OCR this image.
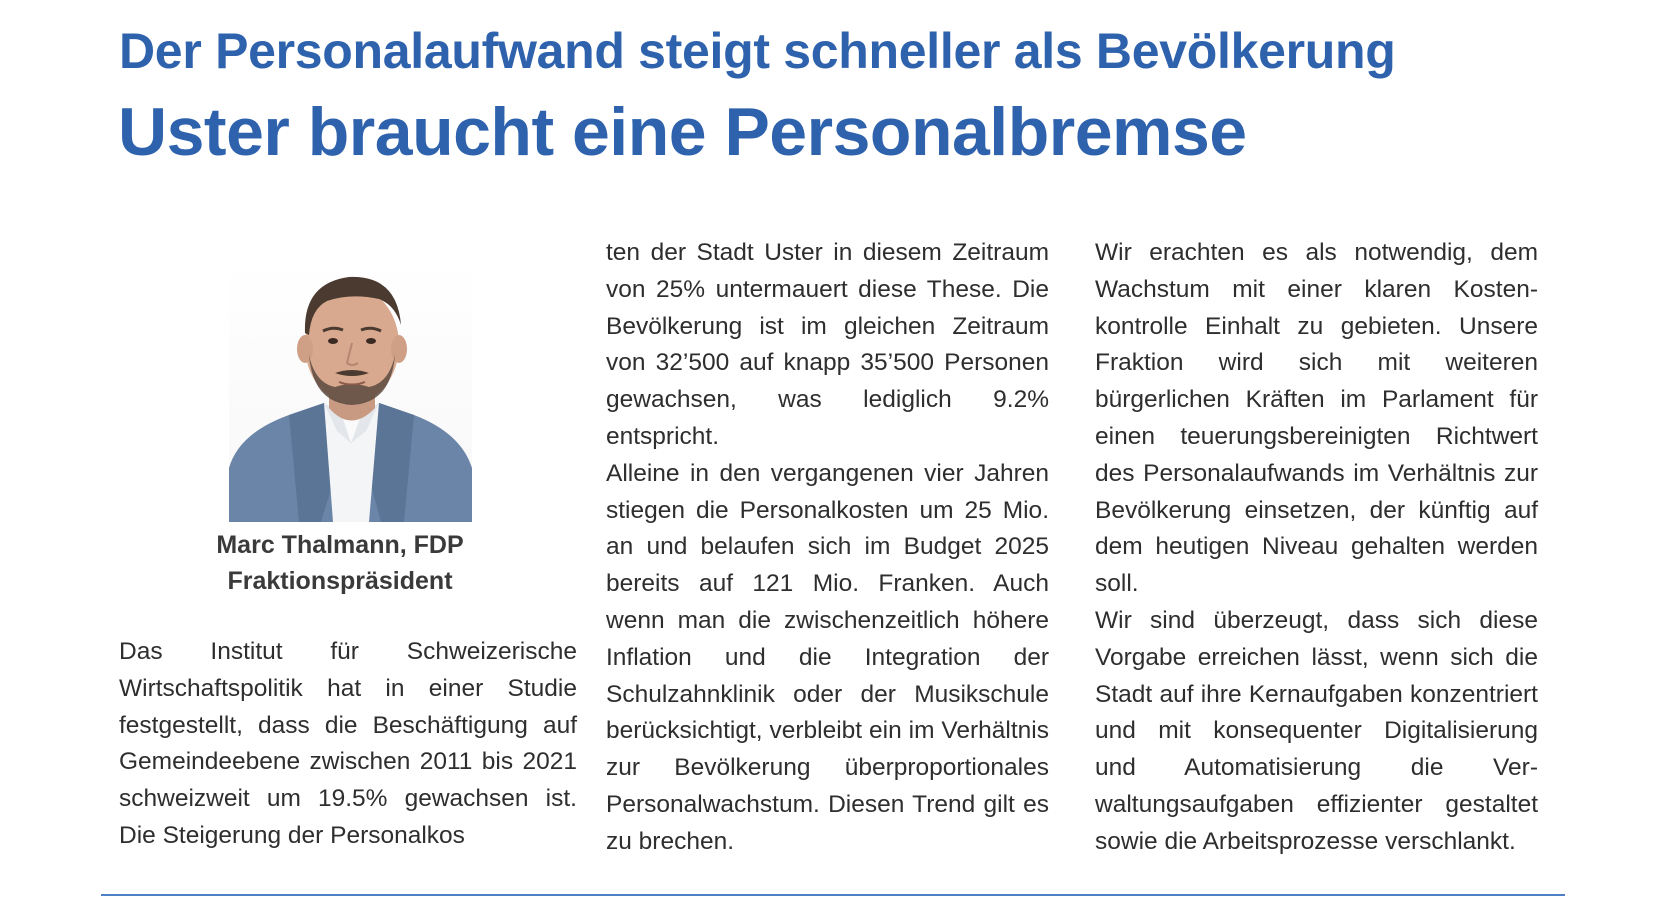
Der Personalaufwand steigt schneller als Bevölkerung
Uster braucht eine Personalbremse
Marc Thalmann, FDP
Fraktionspräsident

Das Institut für Schweizerische Wirtschaftspolitik hat in einer Studie festgestellt, dass die Beschäftigung auf Gemeindeebene zwischen 2011 bis 2021 schweizweit um 19.5% gewachsen ist. Die Steigerung der Personalkos

ten der Stadt Uster in diesem Zeitraum von 25% untermauert diese These. Die Bevölkerung ist im gleichen Zeitraum von 32’500 auf knapp 35’500 Personen gewachsen, was lediglich 9.2% entspricht.

Alleine in den vergangenen vier Jahren stiegen die Personalkosten um 25 Mio. an und belaufen sich im Budget 2025 bereits auf 121 Mio. Franken. Auch wenn man die zwischenzeitlich höhere Inflation und die Integration der Schulzahnklinik oder der Musikschule berücksichtigt, verbleibt ein im Verhältnis zur Bevölkerung überproportionales Personalwachstum. Diesen Trend gilt es zu brechen.

Wir erachten es als notwendig, dem Wachstum mit einer klaren Kostenkontrolle Einhalt zu gebieten. Unsere Fraktion wird sich mit weiteren bürgerlichen Kräften im Parlament für einen teuerungsbereinigten Richtwert des Personalaufwands im Verhältnis zur Bevölkerung einsetzen, der künftig auf dem heutigen Niveau gehalten werden soll.

Wir sind überzeugt, dass sich diese Vorgabe erreichen lässt, wenn sich die Stadt auf ihre Kernaufgaben konzentriert und mit konsequenter Digitalisierung und Automatisierung die Verwaltungsaufgaben effizienter gestaltet sowie die Arbeitsprozesse verschlankt.
